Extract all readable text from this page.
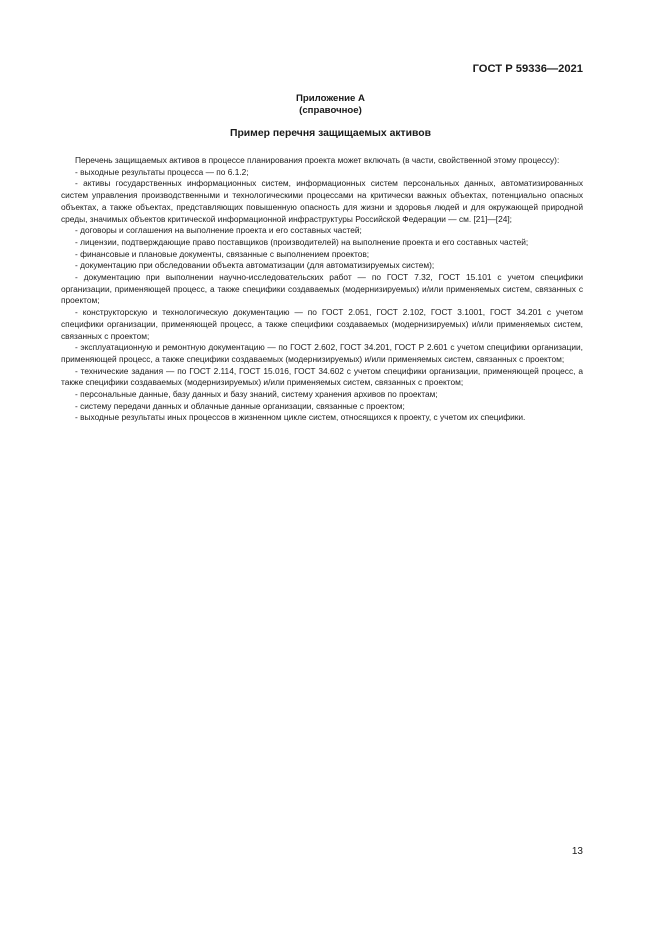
ГОСТ Р 59336—2021
Приложение А
(справочное)
Пример перечня защищаемых активов

Перечень защищаемых активов в процессе планирования проекта может включать (в части, свойственной этому процессу):

- выходные результаты процесса — по 6.1.2;

- активы государственных информационных систем, информационных систем персональных данных, автоматизированных систем управления производственными и технологическими процессами на критически важных объектах, потенциально опасных объектах, а также объектах, представляющих повышенную опасность для жизни и здоровья людей и для окружающей природной среды, значимых объектов критической информационной инфраструктуры Российской Федерации — см. [21]—[24];

- договоры и соглашения на выполнение проекта и его составных частей;

- лицензии, подтверждающие право поставщиков (производителей) на выполнение проекта и его составных частей;

- финансовые и плановые документы, связанные с выполнением проектов;

- документацию при обследовании объекта автоматизации (для автоматизируемых систем);

- документацию при выполнении научно-исследовательских работ — по ГОСТ 7.32, ГОСТ 15.101 с учетом специфики организации, применяющей процесс, а также специфики создаваемых (модернизируемых) и/или применяемых систем, связанных с проектом;

- конструкторскую и технологическую документацию — по ГОСТ 2.051, ГОСТ 2.102, ГОСТ 3.1001, ГОСТ 34.201 с учетом специфики организации, применяющей процесс, а также специфики создаваемых (модернизируемых) и/или применяемых систем, связанных с проектом;

- эксплуатационную и ремонтную документацию — по ГОСТ 2.602, ГОСТ 34.201, ГОСТ Р 2.601 с учетом специфики организации, применяющей процесс, а также специфики создаваемых (модернизируемых) и/или применяемых систем, связанных с проектом;

- технические задания — по ГОСТ 2.114, ГОСТ 15.016, ГОСТ 34.602 с учетом специфики организации, применяющей процесс, а также специфики создаваемых (модернизируемых) и/или применяемых систем, связанных с проектом;

- персональные данные, базу данных и базу знаний, систему хранения архивов по проектам;

- систему передачи данных и облачные данные организации, связанные с проектом;

- выходные результаты иных процессов в жизненном цикле систем, относящихся к проекту, с учетом их специфики.

13
